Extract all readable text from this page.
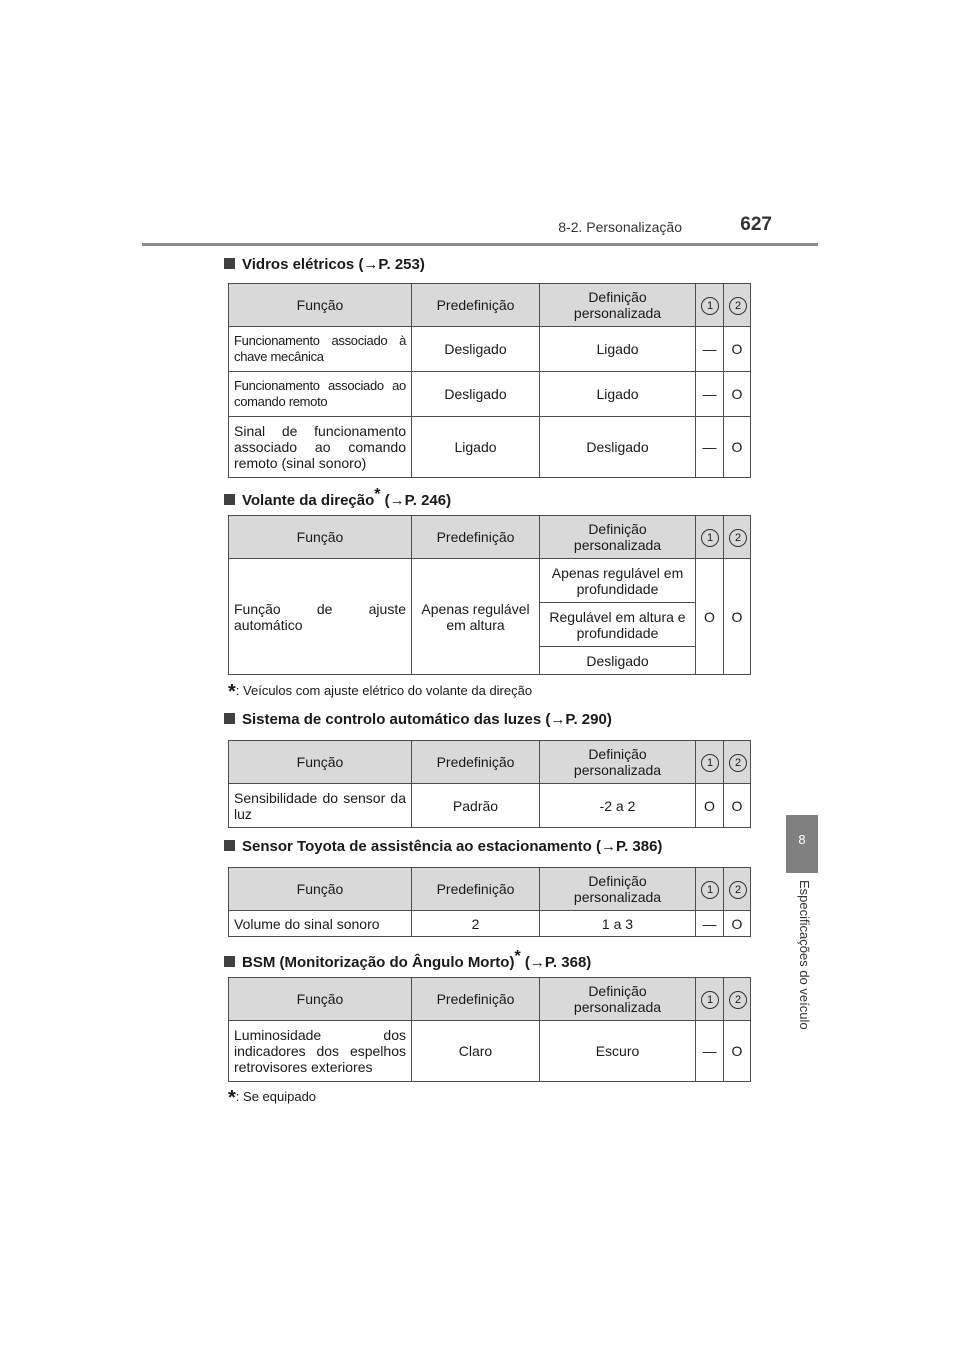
8-2. Personalização	627
8
Especificações do veículo
Vidros elétricos (→P. 253)
Função	Predefinição	Definição personalizada	1	2
Funcionamento associado à chave mecânica	Desligado	Ligado	—	O
Funcionamento associado ao comando remoto	Desligado	Ligado	—	O
Sinal de funcionamento associado ao comando remoto (sinal sonoro)	Ligado	Desligado	—	O
Volante da direção* (→P. 246)
Função	Predefinição	Definição personalizada	1	2
Função de ajuste automático	Apenas regulável em altura	Apenas regulável em profundidade	O	O
		Regulável em altura e profundidade		
		Desligado		
*: Veículos com ajuste elétrico do volante da direção
Sistema de controlo automático das luzes (→P. 290)
Função	Predefinição	Definição personalizada	1	2
Sensibilidade do sensor da luz	Padrão	-2 a 2	O	O
Sensor Toyota de assistência ao estacionamento (→P. 386)
Função	Predefinição	Definição personalizada	1	2
Volume do sinal sonoro	2	1 a 3	—	O
BSM (Monitorização do Ângulo Morto)* (→P. 368)
Função	Predefinição	Definição personalizada	1	2
Luminosidade dos indicadores dos espelhos retrovisores exteriores	Claro	Escuro	—	O
*: Se equipado
